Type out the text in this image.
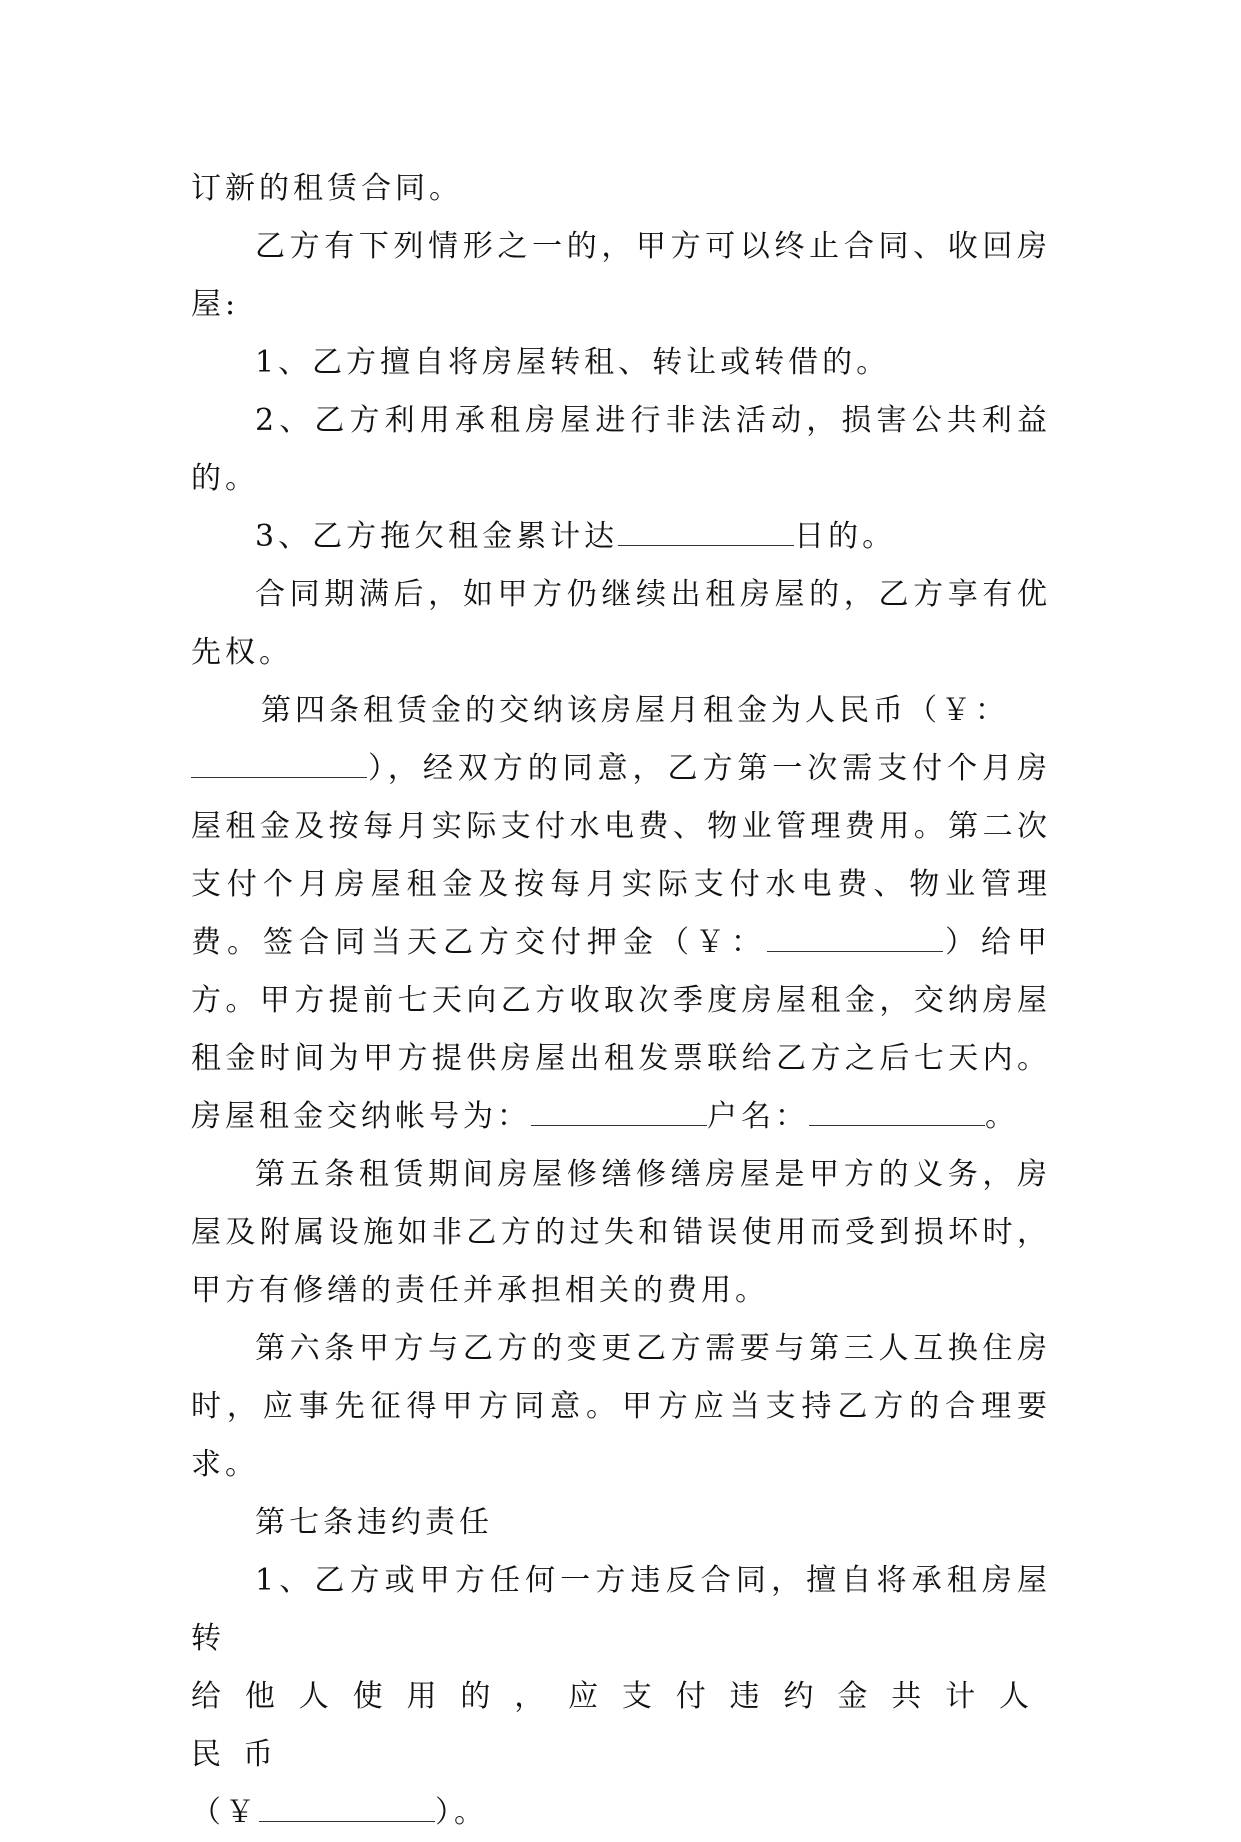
订新的租赁合同。

乙方有下列情形之一的，甲方可以终止合同、收回房屋:

1、乙方擅自将房屋转租、转让或转借的。

2、乙方利用承租房屋进行非法活动，损害公共利益的。

3、乙方拖欠租金累计达	日的。

合同期满后，如甲方仍继续出租房屋的，乙方享有优先权。

第四条租赁金的交纳该房屋月租金为人民币（￥：
），经双方的同意，乙方第一次需支付个月房屋租金及按每月实际支付水电费、物业管理费用。第二次支付个月房屋租金及按每月实际支付水电费、物业管理费。签合同当天乙方交付押金（￥：	）给甲方。甲方提前七天向乙方收取次季度房屋租金，交纳房屋租金时间为甲方提供房屋出租发票联给乙方之后七天内。房屋租金交纳帐号为：	户名：	。

第五条租赁期间房屋修缮修缮房屋是甲方的义务，房屋及附属设施如非乙方的过失和错误使用而受到损坏时，甲方有修缮的责任并承担相关的费用。

第六条甲方与乙方的变更乙方需要与第三人互换住房时，应事先征得甲方同意。甲方应当支持乙方的合理要求。

第七条违约责任

1、乙方或甲方任何一方违反合同，擅自将承租房屋转

给他人使用的，应支付违约金共计人民币

（￥	）。
